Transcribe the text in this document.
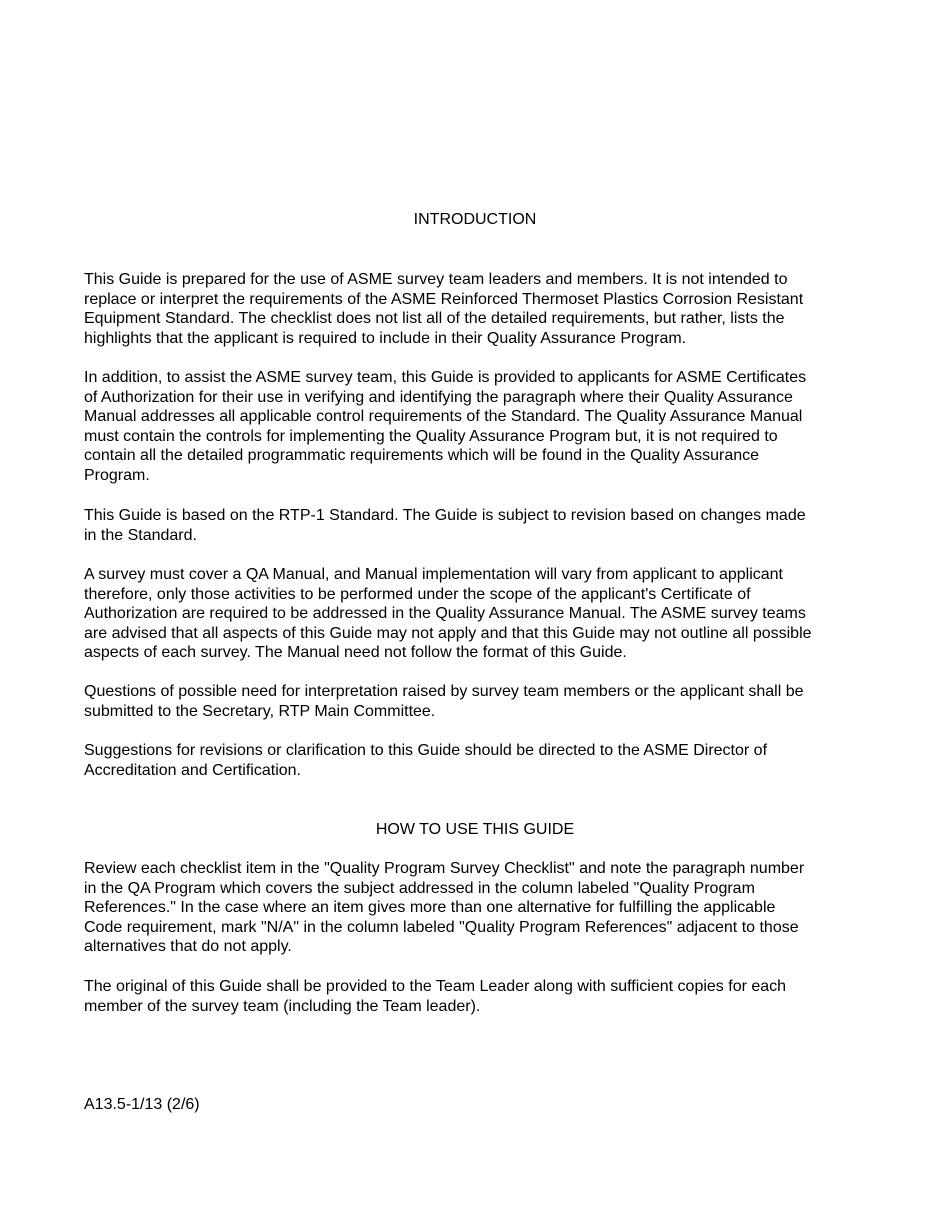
INTRODUCTION

This Guide is prepared for the use of ASME survey team leaders and members. It is not intended to
replace or interpret the requirements of the ASME Reinforced Thermoset Plastics Corrosion Resistant
Equipment Standard. The checklist does not list all of the detailed requirements, but rather, lists the
highlights that the applicant is required to include in their Quality Assurance Program.

In addition, to assist the ASME survey team, this Guide is provided to applicants for ASME Certificates
of Authorization for their use in verifying and identifying the paragraph where their Quality Assurance
Manual addresses all applicable control requirements of the Standard. The Quality Assurance Manual
must contain the controls for implementing the Quality Assurance Program but, it is not required to
contain all the detailed programmatic requirements which will be found in the Quality Assurance
Program.

This Guide is based on the RTP-1 Standard. The Guide is subject to revision based on changes made
in the Standard.

A survey must cover a QA Manual, and Manual implementation will vary from applicant to applicant
therefore, only those activities to be performed under the scope of the applicant's Certificate of
Authorization are required to be addressed in the Quality Assurance Manual. The ASME survey teams
are advised that all aspects of this Guide may not apply and that this Guide may not outline all possible
aspects of each survey. The Manual need not follow the format of this Guide.

Questions of possible need for interpretation raised by survey team members or the applicant shall be
submitted to the Secretary, RTP Main Committee.

Suggestions for revisions or clarification to this Guide should be directed to the ASME Director of
Accreditation and Certification.

HOW TO USE THIS GUIDE

Review each checklist item in the "Quality Program Survey Checklist" and note the paragraph number
in the QA Program which covers the subject addressed in the column labeled "Quality Program
References." In the case where an item gives more than one alternative for fulfilling the applicable
Code requirement, mark "N/A" in the column labeled "Quality Program References" adjacent to those
alternatives that do not apply.

The original of this Guide shall be provided to the Team Leader along with sufficient copies for each
member of the survey team (including the Team leader).

A13.5-1/13 (2/6)
